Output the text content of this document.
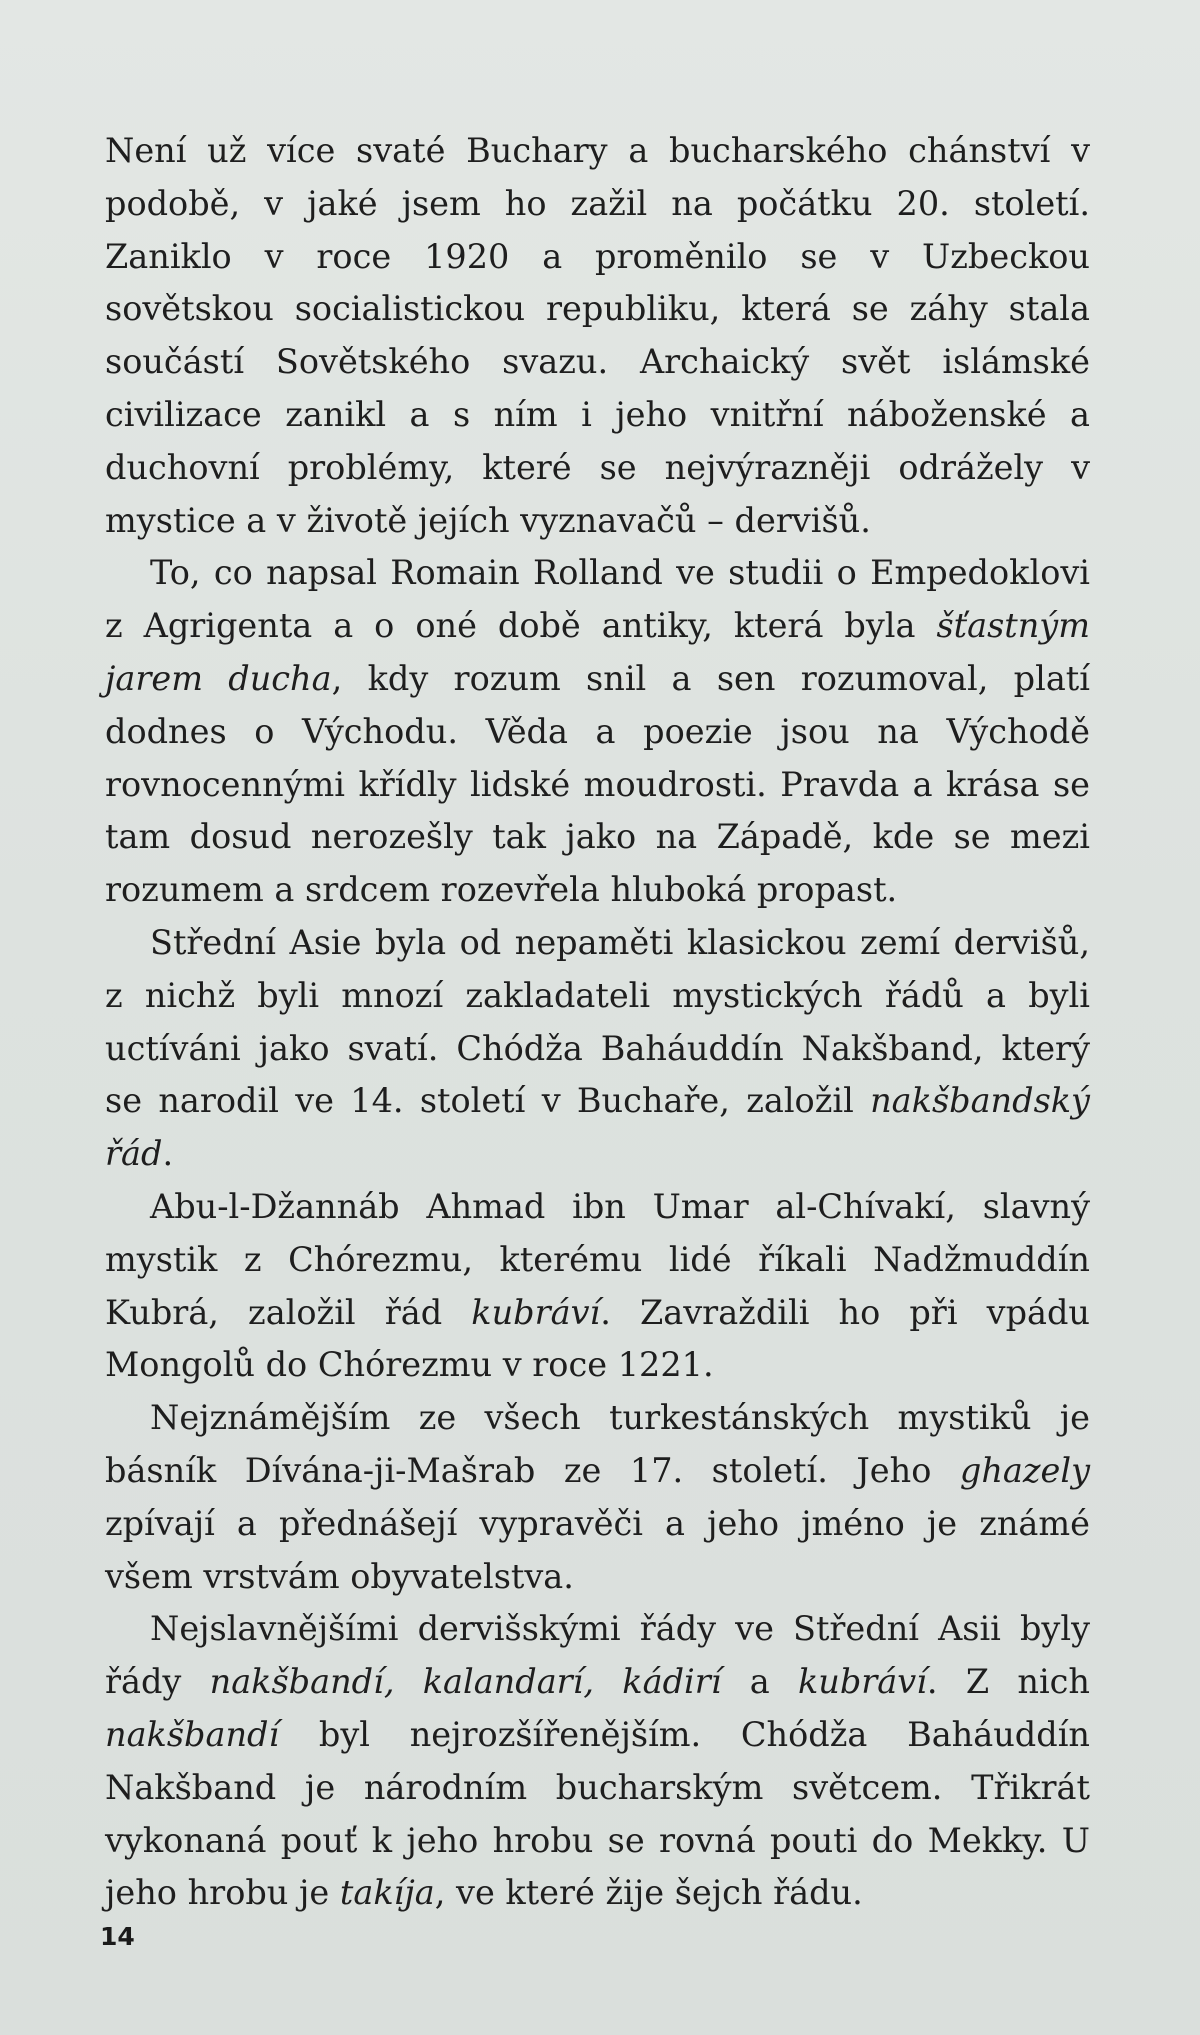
Není už více svaté Buchary a bucharského chánství v podobě, v jaké jsem ho zažil na počátku 20. století. Zaniklo v roce 1920 a proměnilo se v Uzbeckou sovětskou socialistickou republiku, která se záhy stala součástí Sovětského svazu. Archaický svět islámské civilizace zanikl a s ním i jeho vnitřní náboženské a duchovní problémy, které se nejvýrazněji odrážely v mystice a v životě jejích vyznavačů – dervišů.

To, co napsal Romain Rolland ve studii o Empedoklovi z Agrigenta a o oné době antiky, která byla šťastným jarem ducha, kdy rozum snil a sen rozumoval, platí dodnes o Východu. Věda a poezie jsou na Východě rovnocennými křídly lidské moudrosti. Pravda a krása se tam dosud nerozešly tak jako na Západě, kde se mezi rozumem a srdcem rozevřela hluboká propast.

Střední Asie byla od nepaměti klasickou zemí dervišů, z nichž byli mnozí zakladateli mystických řádů a byli uctíváni jako svatí. Chódža Baháuddín Nakšband, který se narodil ve 14. století v Buchaře, založil nakšbandský řád.

Abu-l-Džannáb Ahmad ibn Umar al-Chívakí, slavný mystik z Chórezmu, kterému lidé říkali Nadžmuddín Kubrá, založil řád kubráví. Zavraždili ho při vpádu Mongolů do Chórezmu v roce 1221.

Nejznámějším ze všech turkestánských mystiků je básník Dívána-ji-Mašrab ze 17. století. Jeho ghazely zpívají a přednášejí vypravěči a jeho jméno je známé všem vrstvám obyvatelstva.

Nejslavnějšími dervišskými řády ve Střední Asii byly řády nakšbandí, kalandarí, kádirí a kubráví. Z nich nakšbandí byl nejrozšířenějším. Chódža Baháuddín Nakšband je národním bucharským světcem. Třikrát vykonaná pouť k jeho hrobu se rovná pouti do Mekky. U jeho hrobu je takíja, ve které žije šejch řádu.

14
